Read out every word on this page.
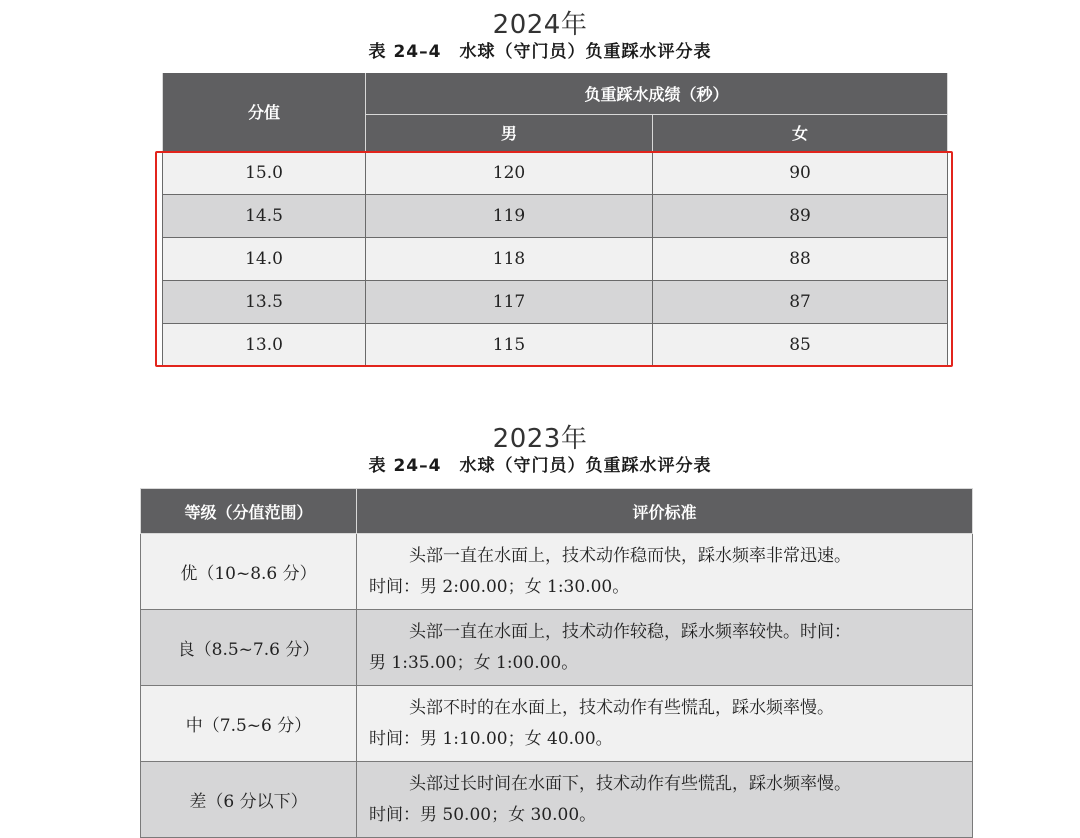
2024年
表 24–4　水球（守门员）负重踩水评分表
分值	负重踩水成绩（秒）	
	男	女
15.0	120	90
14.5	119	89
14.0	118	88
13.5	117	87
13.0	115	85
2023年
表 24–4　水球（守门员）负重踩水评分表
等级（分值范围）	评价标准
优（10~8.6 分）	头部一直在水面上，技术动作稳而快，踩水频率非常迅速。
时间：男 2:00.00；女 1:30.00。

良（8.5~7.6 分）	头部一直在水面上，技术动作较稳，踩水频率较快。时间：
男 1:35.00；女 1:00.00。

中（7.5~6 分）	头部不时的在水面上，技术动作有些慌乱，踩水频率慢。
时间：男 1:10.00；女 40.00。

差（6 分以下）	头部过长时间在水面下，技术动作有些慌乱，踩水频率慢。
时间：男 50.00；女 30.00。
